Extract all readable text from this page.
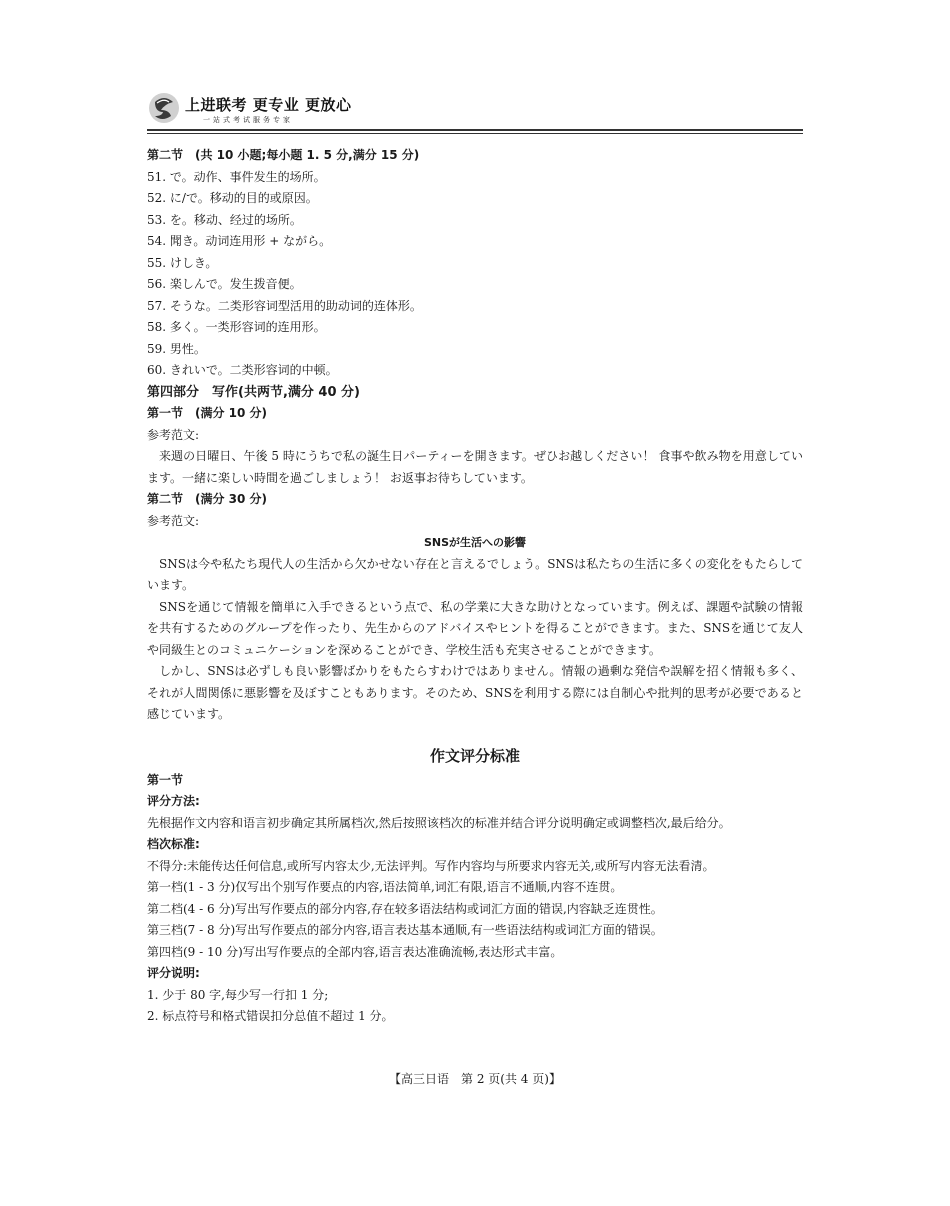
上进联考 更专业 更放心
一站式考试服务专家
第二节　(共 10 小题;每小题 1. 5 分,满分 15 分)
51. で。动作、事件发生的场所。
52. に/で。移动的目的或原因。
53. を。移动、经过的场所。
54. 聞き。动词连用形 + ながら。
55. けしき。
56. 楽しんで。发生拨音便。
57. そうな。二类形容词型活用的助动词的连体形。
58. 多く。一类形容词的连用形。
59. 男性。
60. きれいで。二类形容词的中顿。
第四部分　写作(共两节,满分 40 分)
第一节　(满分 10 分)
参考范文:
来週の日曜日、午後 5 時にうちで私の誕生日パーティーを開きます。ぜひお越しください！ 食事や飲み物を用意しています。一緒に楽しい時間を過ごしましょう！ お返事お待ちしています。
第二节　(满分 30 分)
参考范文:
SNSが生活への影響
SNSは今や私たち現代人の生活から欠かせない存在と言えるでしょう。SNSは私たちの生活に多くの変化をもたらしています。
SNSを通じて情報を簡単に入手できるという点で、私の学業に大きな助けとなっています。例えば、課題や試験の情報を共有するためのグループを作ったり、先生からのアドバイスやヒントを得ることができます。また、SNSを通じて友人や同級生とのコミュニケーションを深めることができ、学校生活も充実させることができます。
しかし、SNSは必ずしも良い影響ばかりをもたらすわけではありません。情報の過剰な発信や誤解を招く情報も多く、それが人間関係に悪影響を及ぼすこともあります。そのため、SNSを利用する際には自制心や批判的思考が必要であると感じています。
作文评分标准
第一节
评分方法:
先根据作文内容和语言初步确定其所属档次,然后按照该档次的标准并结合评分说明确定或调整档次,最后给分。
档次标准:
不得分:未能传达任何信息,或所写内容太少,无法评判。写作内容均与所要求内容无关,或所写内容无法看清。
第一档(1 - 3 分)仅写出个别写作要点的内容,语法简单,词汇有限,语言不通顺,内容不连贯。
第二档(4 - 6 分)写出写作要点的部分内容,存在较多语法结构或词汇方面的错误,内容缺乏连贯性。
第三档(7 - 8 分)写出写作要点的部分内容,语言表达基本通顺,有一些语法结构或词汇方面的错误。
第四档(9 - 10 分)写出写作要点的全部内容,语言表达准确流畅,表达形式丰富。
评分说明:
1. 少于 80 字,每少写一行扣 1 分;
2. 标点符号和格式错误扣分总值不超过 1 分。
【高三日语　第 2 页(共 4 页)】
